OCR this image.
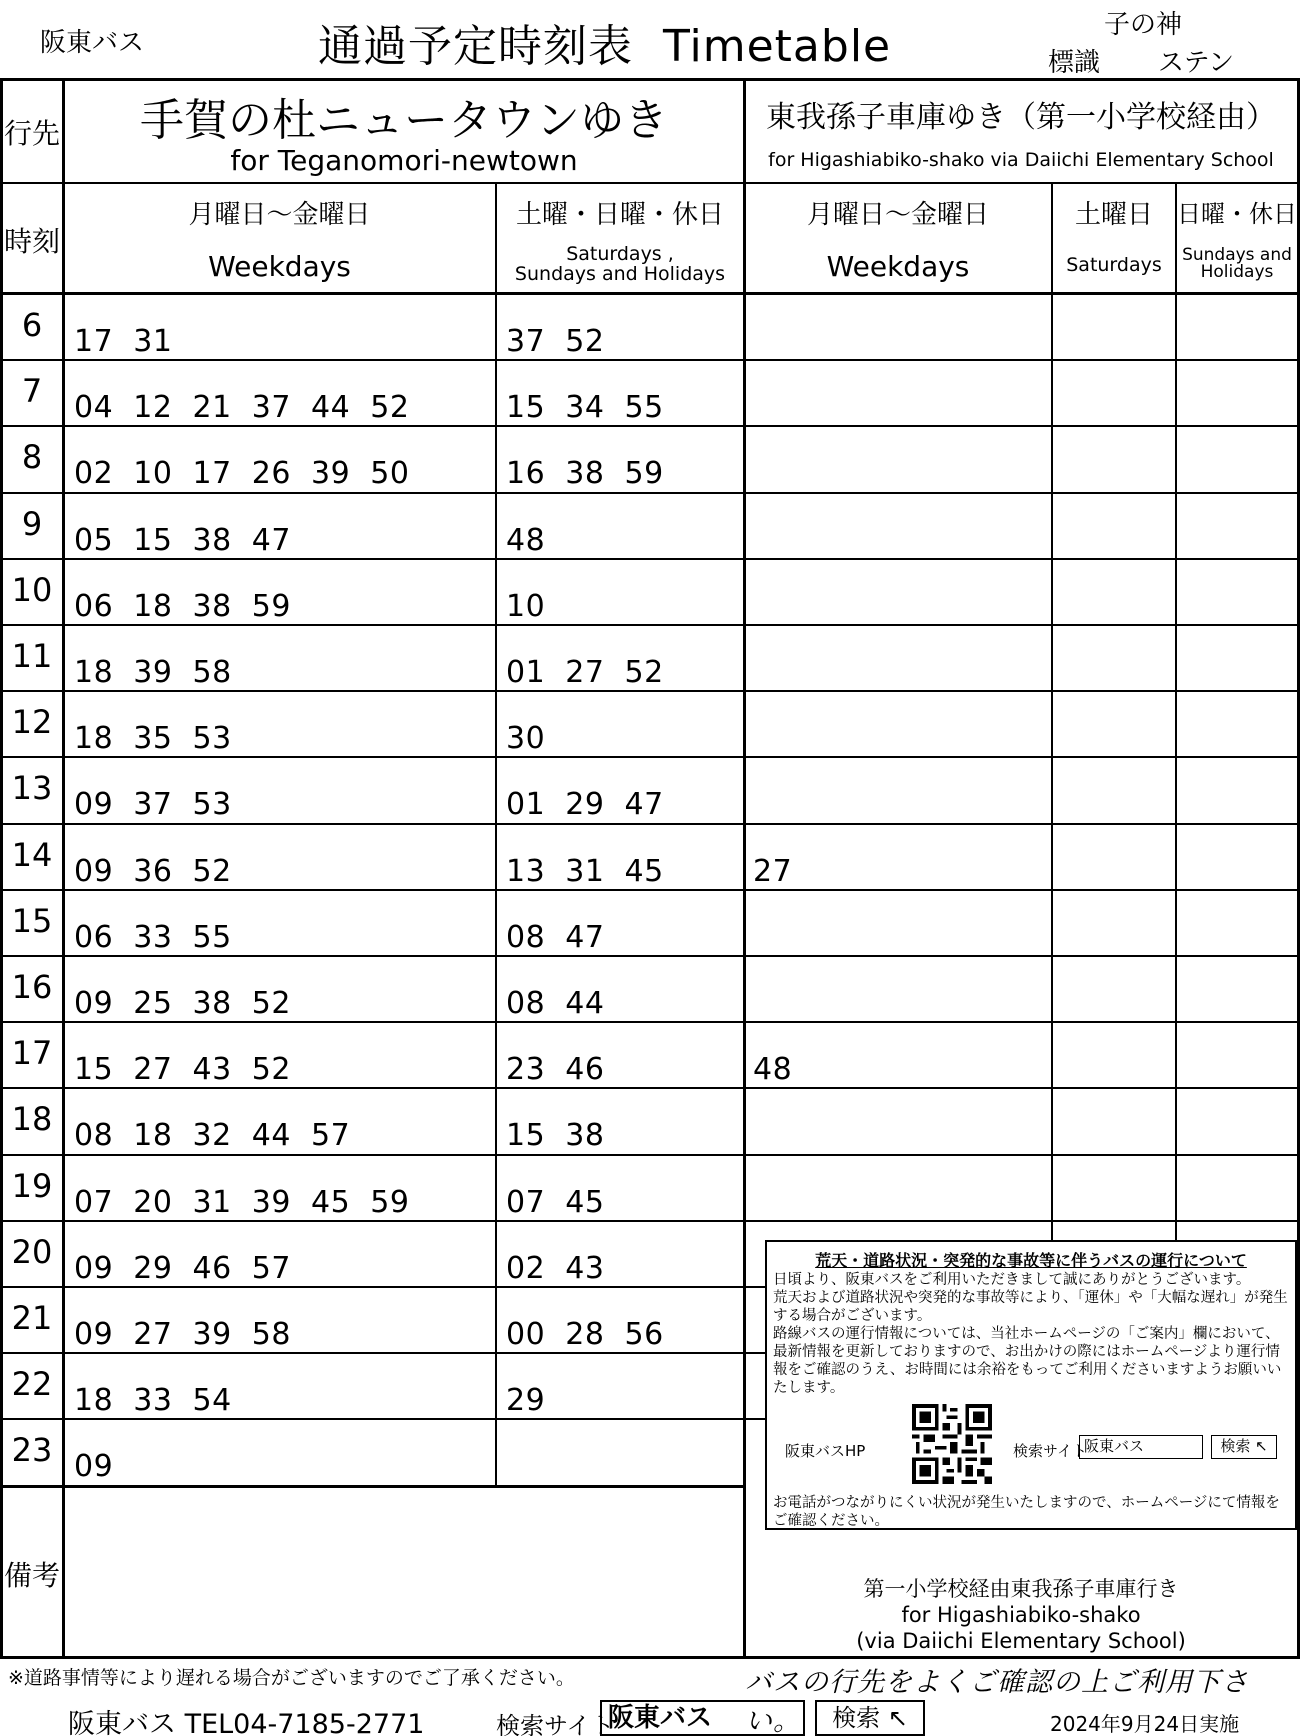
阪東バス	通過予定時刻表 Timetable	子の神
標識 ステン
行先
時刻
備考
手賀の杜ニュータウンゆき
for Teganomori-newtown
東我孫子車庫ゆき（第一小学校経由）
for Higashiabiko-shako via Daiichi Elementary School
月曜日～金曜日
Weekdays
土曜・日曜・休日
Saturdays ,
Sundays and Holidays
月曜日～金曜日
Weekdays
土曜日
Saturdays
日曜・休日
Sundays and
Holidays
6	17  31	37  52
7	04  12  21  37  44  52	15  34  55
8	02  10  17  26  39  50	16  38  59
9	05  15  38  47	48
10 06  18  38  59	10
11 18  39  58	01  27  52
12 18  35  53	30
13 09  37  53	01  29  47
14 09  36  52	13  31  45	27
15 06  33  55	08  47
16 09  25  38  52	08  44
17 15  27  43  52	23  46	48
18 08  18  32  44  57	15  38
19 07  20  31  39  45  59	07  45
20 09  29  46  57	02  43
21 09  27  39  58	00  28  56
22 18  33  54	29
23 09
荒天・道路状況・突発的な事故等に伴うバスの運行について
日頃より、阪東バスをご利用いただきまして誠にありがとうございます。
荒天および道路状況や突発的な事故等により、「運休」や「大幅な遅れ」が発生する場合がございます。
路線バスの運行情報については、当社ホームページの「ご案内」欄において、最新情報を更新しておりますので、お出かけの際にはホームページより運行情報をご確認のうえ、お時間には余裕をもってご利用くださいますようお願いいたします。
阪東バスHP	検索サイト
阪東バス	検索 ↖
お電話がつながりにくい状況が発生いたしますので、ホームページにて情報をご確認ください。
第一小学校経由東我孫子車庫行き
for Higashiabiko-shako
(via Daiichi Elementary School)
※道路事情等により遅れる場合がございますのでご了承ください。	バスの行先をよくご確認の上ご利用下さい。
阪東バス TEL04-7185-2771	検索サイト
阪東バス	検索 ↖	2024年9月24日実施
